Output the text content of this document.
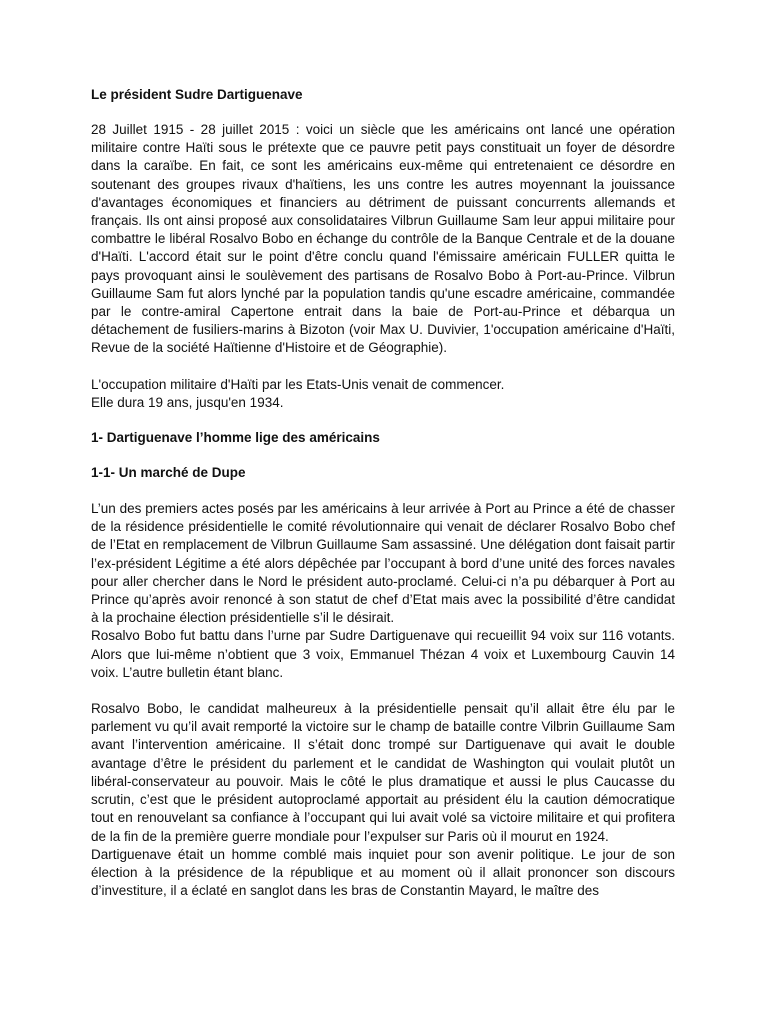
Le président Sudre Dartiguenave

28 Juillet 1915 - 28 juillet 2015 : voici un siècle que les américains ont lancé une opération militaire contre Haïti sous le prétexte que ce pauvre petit pays constituait un foyer de désordre dans la caraïbe. En fait, ce sont les américains eux-même qui entretenaient ce désordre en soutenant des groupes rivaux d'haïtiens, les uns contre les autres moyennant la jouissance d'avantages économiques et financiers au détriment de puissant concurrents allemands et français. Ils ont ainsi proposé aux consolidataires Vilbrun Guillaume Sam leur appui militaire pour combattre le libéral Rosalvo Bobo en échange du contrôle de la Banque Centrale et de la douane d'Haïti. L'accord était sur le point d'être conclu quand l'émissaire américain FULLER quitta le pays provoquant ainsi le soulèvement des partisans de Rosalvo Bobo à Port-au-Prince. Vilbrun Guillaume Sam fut alors lynché par la population tandis qu'une escadre américaine, commandée par le contre-amiral Capertone entrait dans la baie de Port-au-Prince et débarqua un détachement de fusiliers-marins à Bizoton (voir Max U. Duvivier, 1'occupation américaine d'Haïti, Revue de la société Haïtienne d'Histoire et de Géographie).

L'occupation militaire d'Haïti par les Etats-Unis venait de commencer.

Elle dura 19 ans, jusqu'en 1934.

1- Dartiguenave l’homme lige des américains

1-1- Un marché de Dupe

L’un des premiers actes posés par les américains à leur arrivée à Port au Prince a été de chasser de la résidence présidentielle le comité révolutionnaire qui venait de déclarer Rosalvo Bobo chef de l’Etat en remplacement de Vilbrun Guillaume Sam assassiné. Une délégation dont faisait partir l’ex-président Légitime a été alors dépêchée par l’occupant à bord d’une unité des forces navales pour aller chercher dans le Nord le président auto-proclamé. Celui-ci n’a pu débarquer à Port au Prince qu’après avoir renoncé à son statut de chef d’Etat mais avec la possibilité d’être candidat à la prochaine élection présidentielle s’il le désirait.

Rosalvo Bobo fut battu dans l’urne par Sudre Dartiguenave qui recueillit 94 voix sur 116 votants. Alors que lui-même n’obtient que 3 voix, Emmanuel Thézan 4 voix et Luxembourg Cauvin 14 voix. L’autre bulletin étant blanc.

Rosalvo Bobo, le candidat malheureux à la présidentielle pensait qu’il allait être élu par le parlement vu qu’il avait remporté la victoire sur le champ de bataille contre Vilbrin Guillaume Sam avant l’intervention américaine. Il s’était donc trompé sur Dartiguenave qui avait le double avantage d’être le président du parlement et le candidat de Washington qui voulait plutôt un libéral-conservateur au pouvoir. Mais le côté le plus dramatique et aussi le plus Caucasse du scrutin, c’est que le président autoproclamé apportait au président élu la caution démocratique tout en renouvelant sa confiance à l’occupant qui lui avait volé sa victoire militaire et qui profitera de la fin de la première guerre mondiale pour l’expulser sur Paris où il mourut en 1924.

Dartiguenave était un homme comblé mais inquiet pour son avenir politique. Le jour de son élection à la présidence de la république et au moment où il allait prononcer son discours d’investiture, il a éclaté en sanglot dans les bras de Constantin Mayard, le maître des
